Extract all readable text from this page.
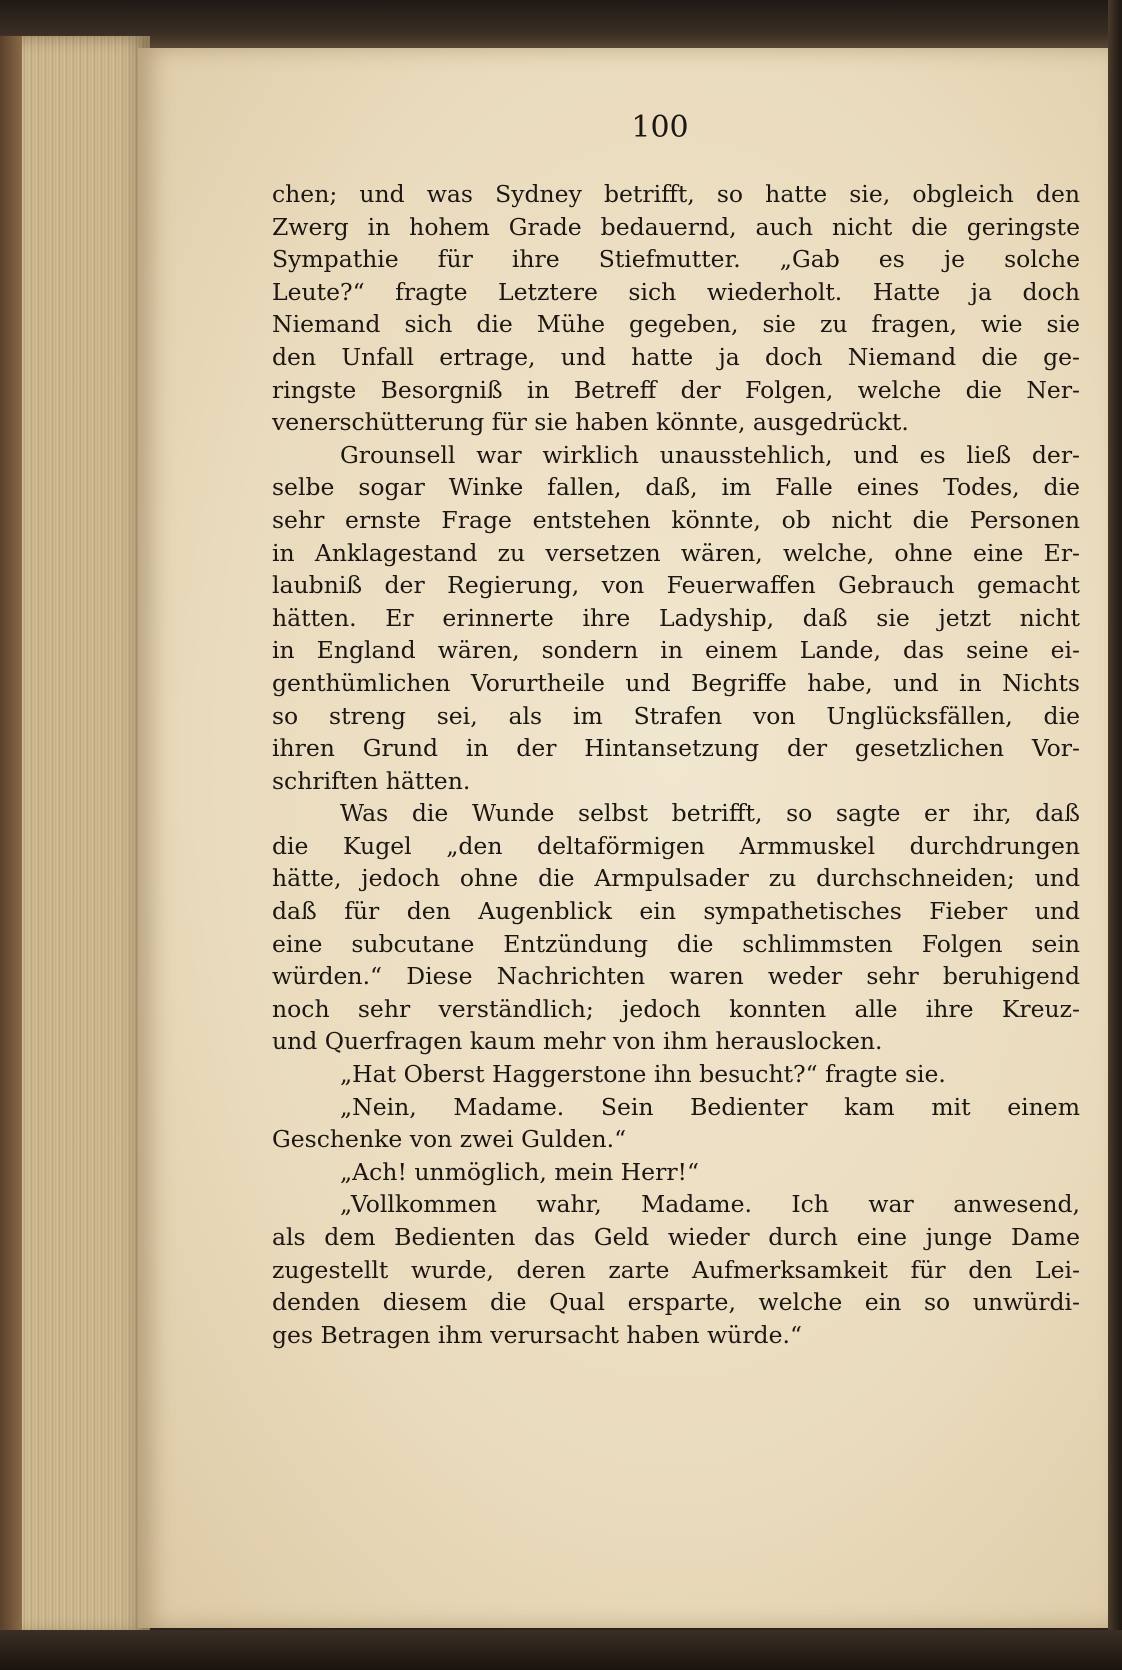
100
chen; und was Sydney betrifft, so hatte sie, obgleich den
Zwerg in hohem Grade bedauernd, auch nicht die geringste
Sympathie für ihre Stiefmutter. „Gab es je solche
Leute?“ fragte Letztere sich wiederholt. Hatte ja doch
Niemand sich die Mühe gegeben, sie zu fragen, wie sie
den Unfall ertrage, und hatte ja doch Niemand die ge-
ringste Besorgniß in Betreff der Folgen, welche die Ner-
venerschütterung für sie haben könnte, ausgedrückt.
Grounsell war wirklich unausstehlich, und es ließ der-
selbe sogar Winke fallen, daß, im Falle eines Todes, die
sehr ernste Frage entstehen könnte, ob nicht die Personen
in Anklagestand zu versetzen wären, welche, ohne eine Er-
laubniß der Regierung, von Feuerwaffen Gebrauch gemacht
hätten. Er erinnerte ihre Ladyship, daß sie jetzt nicht
in England wären, sondern in einem Lande, das seine ei-
genthümlichen Vorurtheile und Begriffe habe, und in Nichts
so streng sei, als im Strafen von Unglücksfällen, die
ihren Grund in der Hintansetzung der gesetzlichen Vor-
schriften hätten.
Was die Wunde selbst betrifft, so sagte er ihr, daß
die Kugel „den deltaförmigen Armmuskel durchdrungen
hätte, jedoch ohne die Armpulsader zu durchschneiden; und
daß für den Augenblick ein sympathetisches Fieber und
eine subcutane Entzündung die schlimmsten Folgen sein
würden.“ Diese Nachrichten waren weder sehr beruhigend
noch sehr verständlich; jedoch konnten alle ihre Kreuz-
und Querfragen kaum mehr von ihm herauslocken.
„Hat Oberst Haggerstone ihn besucht?“ fragte sie.
„Nein, Madame. Sein Bedienter kam mit einem
Geschenke von zwei Gulden.“
„Ach! unmöglich, mein Herr!“
„Vollkommen wahr, Madame. Ich war anwesend,
als dem Bedienten das Geld wieder durch eine junge Dame
zugestellt wurde, deren zarte Aufmerksamkeit für den Lei-
denden diesem die Qual ersparte, welche ein so unwürdi-
ges Betragen ihm verursacht haben würde.“
